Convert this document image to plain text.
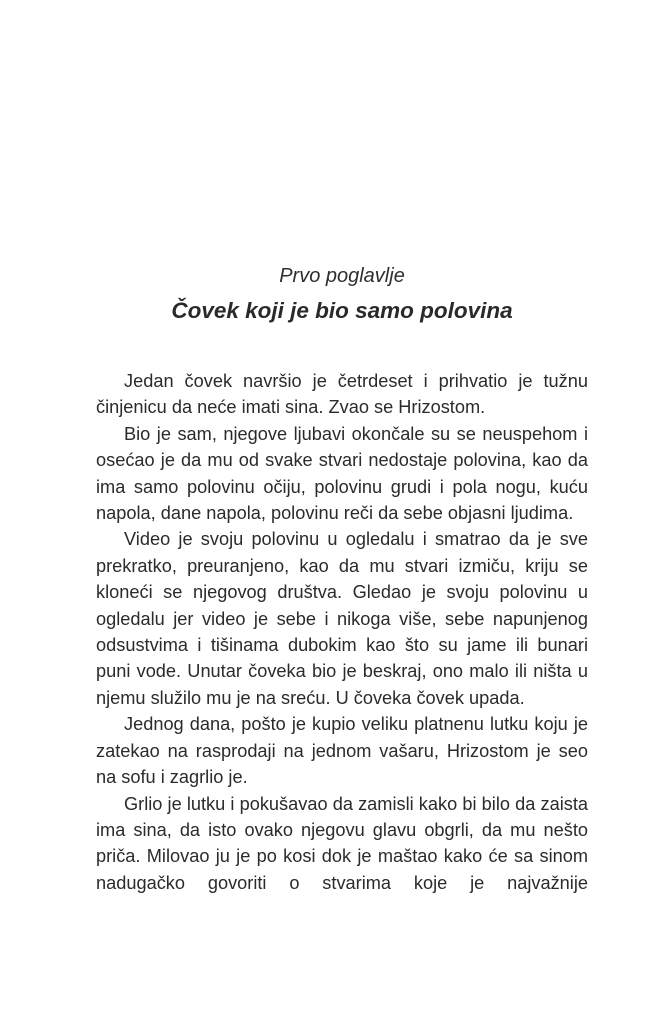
Prvo poglavlje
Čovek koji je bio samo polovina

Jedan čovek navršio je četrdeset i prihvatio je tužnu činjenicu da neće imati sina. Zvao se Hrizostom.

Bio je sam, njegove ljubavi okončale su se neuspehom i osećao je da mu od svake stvari nedostaje polovina, kao da ima samo polovinu očiju, polovinu grudi i pola nogu, kuću napola, dane napola, polovinu reči da sebe objasni ljudima.

Video je svoju polovinu u ogledalu i smatrao da je sve prekratko, preuranjeno, kao da mu stvari izmiču, kriju se kloneći se njegovog društva. Gledao je svoju polovinu u ogledalu jer video je sebe i nikoga više, sebe napunjenog odsustvima i tišinama dubokim kao što su jame ili bunari puni vode. Unutar čoveka bio je beskraj, ono malo ili ništa u njemu služilo mu je na sreću. U čoveka čovek upada.

Jednog dana, pošto je kupio veliku platnenu lutku koju je zatekao na rasprodaji na jednom vašaru, Hrizostom je seo na sofu i zagrlio je.

Grlio je lutku i pokušavao da zamisli kako bi bilo da zaista ima sina, da isto ovako njegovu glavu obgrli, da mu nešto priča. Milovao ju je po kosi dok je maštao kako će sa sinom nadugačko govoriti o stvarima koje je najvažnije
